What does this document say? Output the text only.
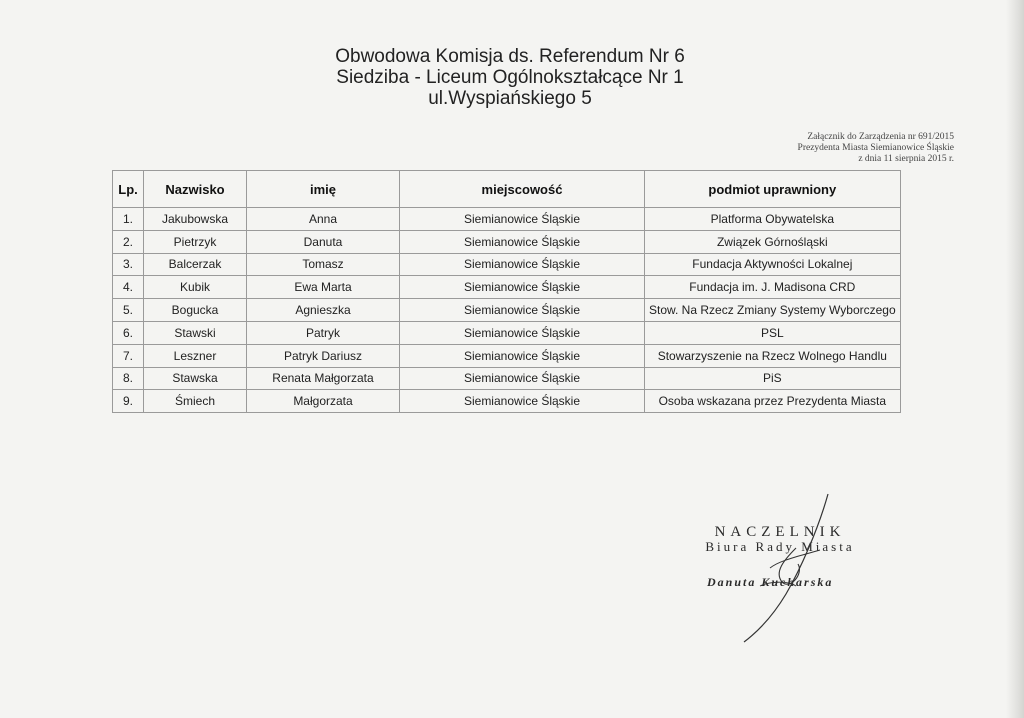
Obwodowa Komisja ds. Referendum Nr 6
Siedziba - Liceum Ogólnokształcące Nr 1
ul.Wyspiańskiego 5
Załącznik do Zarządzenia nr 691/2015
Prezydenta Miasta Siemianowice Śląskie
z dnia 11 sierpnia 2015 r.
Lp.	Nazwisko	imię	miejscowość	podmiot uprawniony
1.	Jakubowska	Anna	Siemianowice Śląskie	Platforma Obywatelska
2.	Pietrzyk	Danuta	Siemianowice Śląskie	Związek Górnośląski
3.	Balcerzak	Tomasz	Siemianowice Śląskie	Fundacja Aktywności Lokalnej
4.	Kubik	Ewa Marta	Siemianowice Śląskie	Fundacja im. J. Madisona CRD
5.	Bogucka	Agnieszka	Siemianowice Śląskie	Stow. Na Rzecz Zmiany Systemy Wyborczego
6.	Stawski	Patryk	Siemianowice Śląskie	PSL
7.	Leszner	Patryk Dariusz	Siemianowice Śląskie	Stowarzyszenie na Rzecz Wolnego Handlu
8.	Stawska	Renata Małgorzata	Siemianowice Śląskie	PiS
9.	Śmiech	Małgorzata	Siemianowice Śląskie	Osoba wskazana przez Prezydenta Miasta
NACZELNIK
Biura Rady Miasta
Danuta Kucharska
